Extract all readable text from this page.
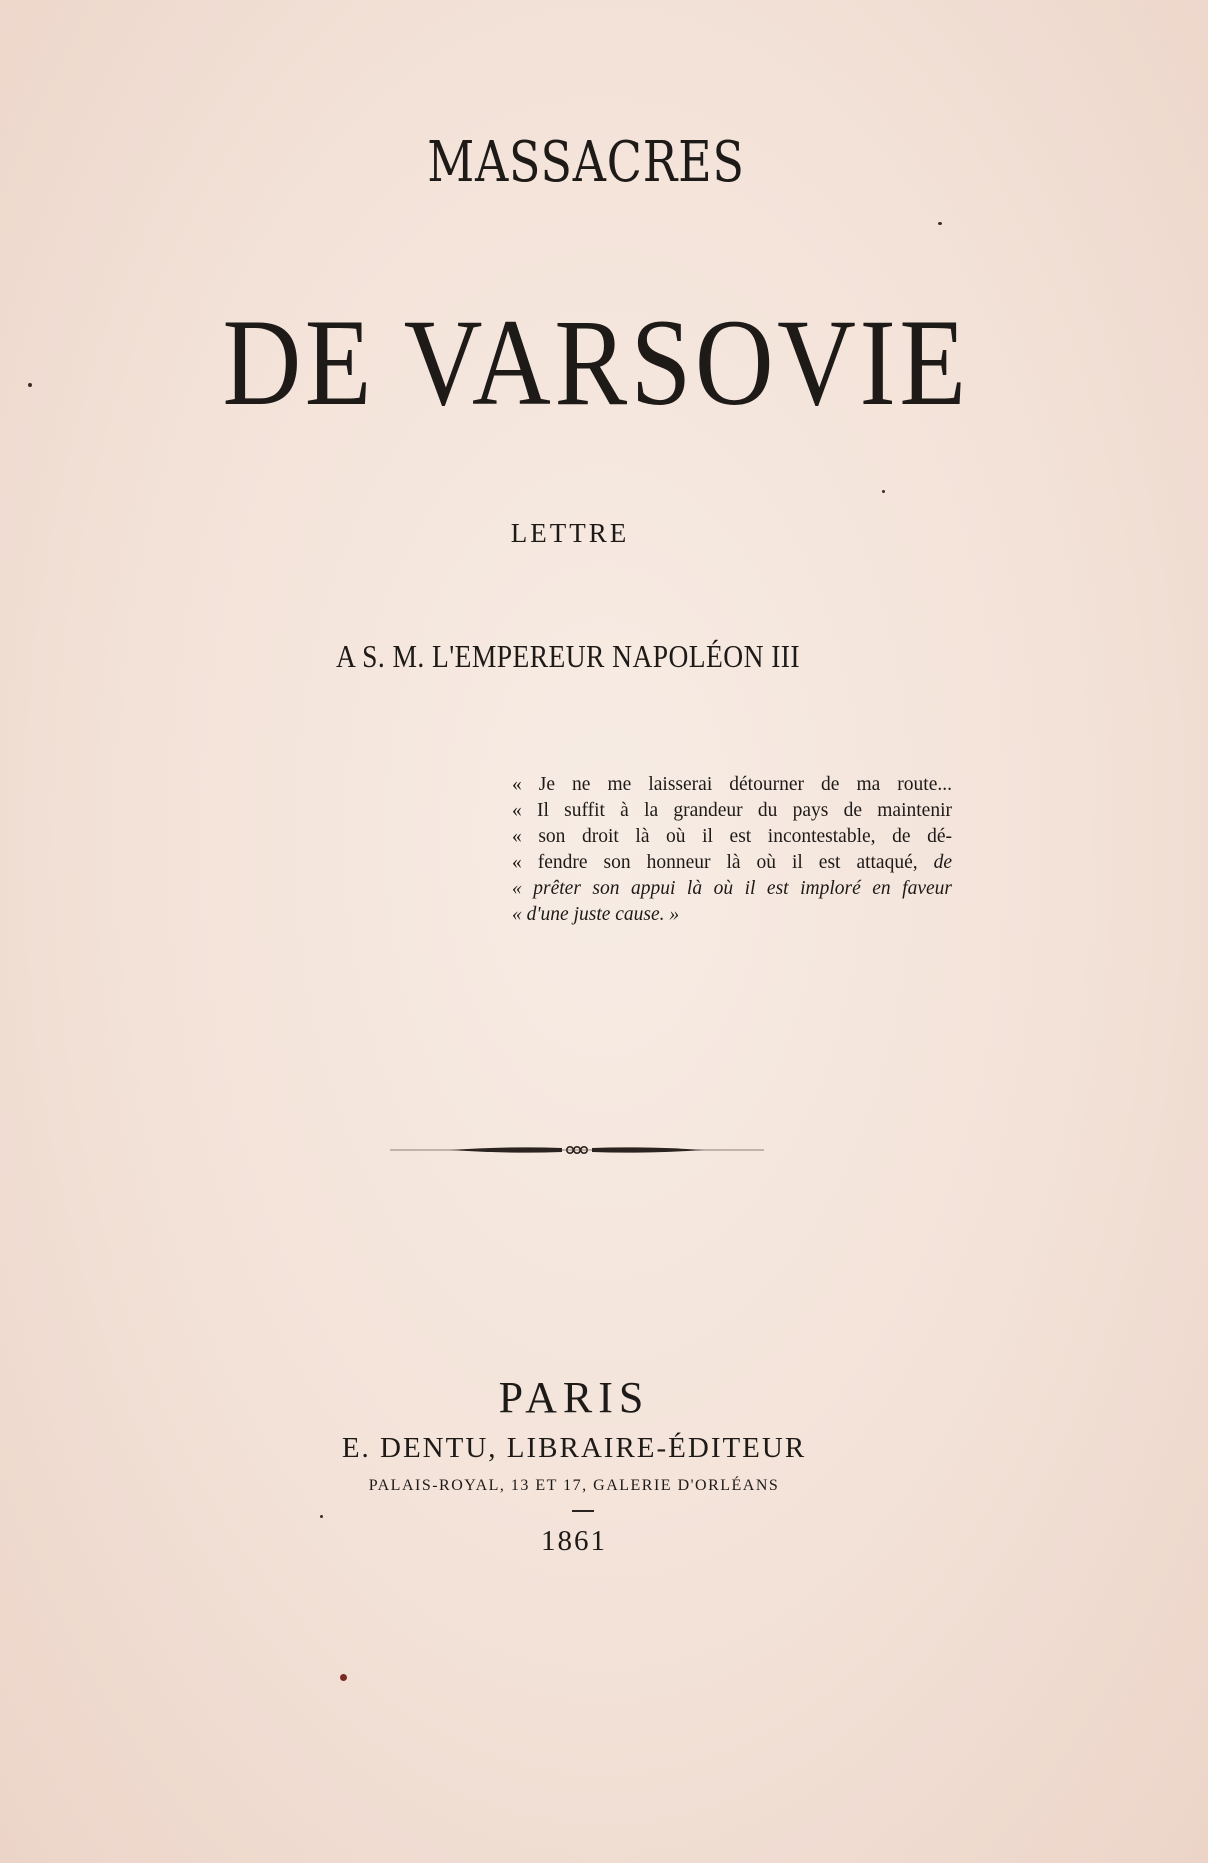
MASSACRES
DE VARSOVIE
LETTRE
A S. M. L'EMPEREUR NAPOLÉON III
« Je ne me laisserai détourner de ma route...
« Il suffit à la grandeur du pays de maintenir
« son droit là où il est incontestable, de dé-
« fendre son honneur là où il est attaqué, de
« prêter son appui là où il est imploré en faveur
« d'une juste cause. »
PARIS
E. DENTU, LIBRAIRE-ÉDITEUR
PALAIS-ROYAL, 13 ET 17, GALERIE D'ORLÉANS
1861
